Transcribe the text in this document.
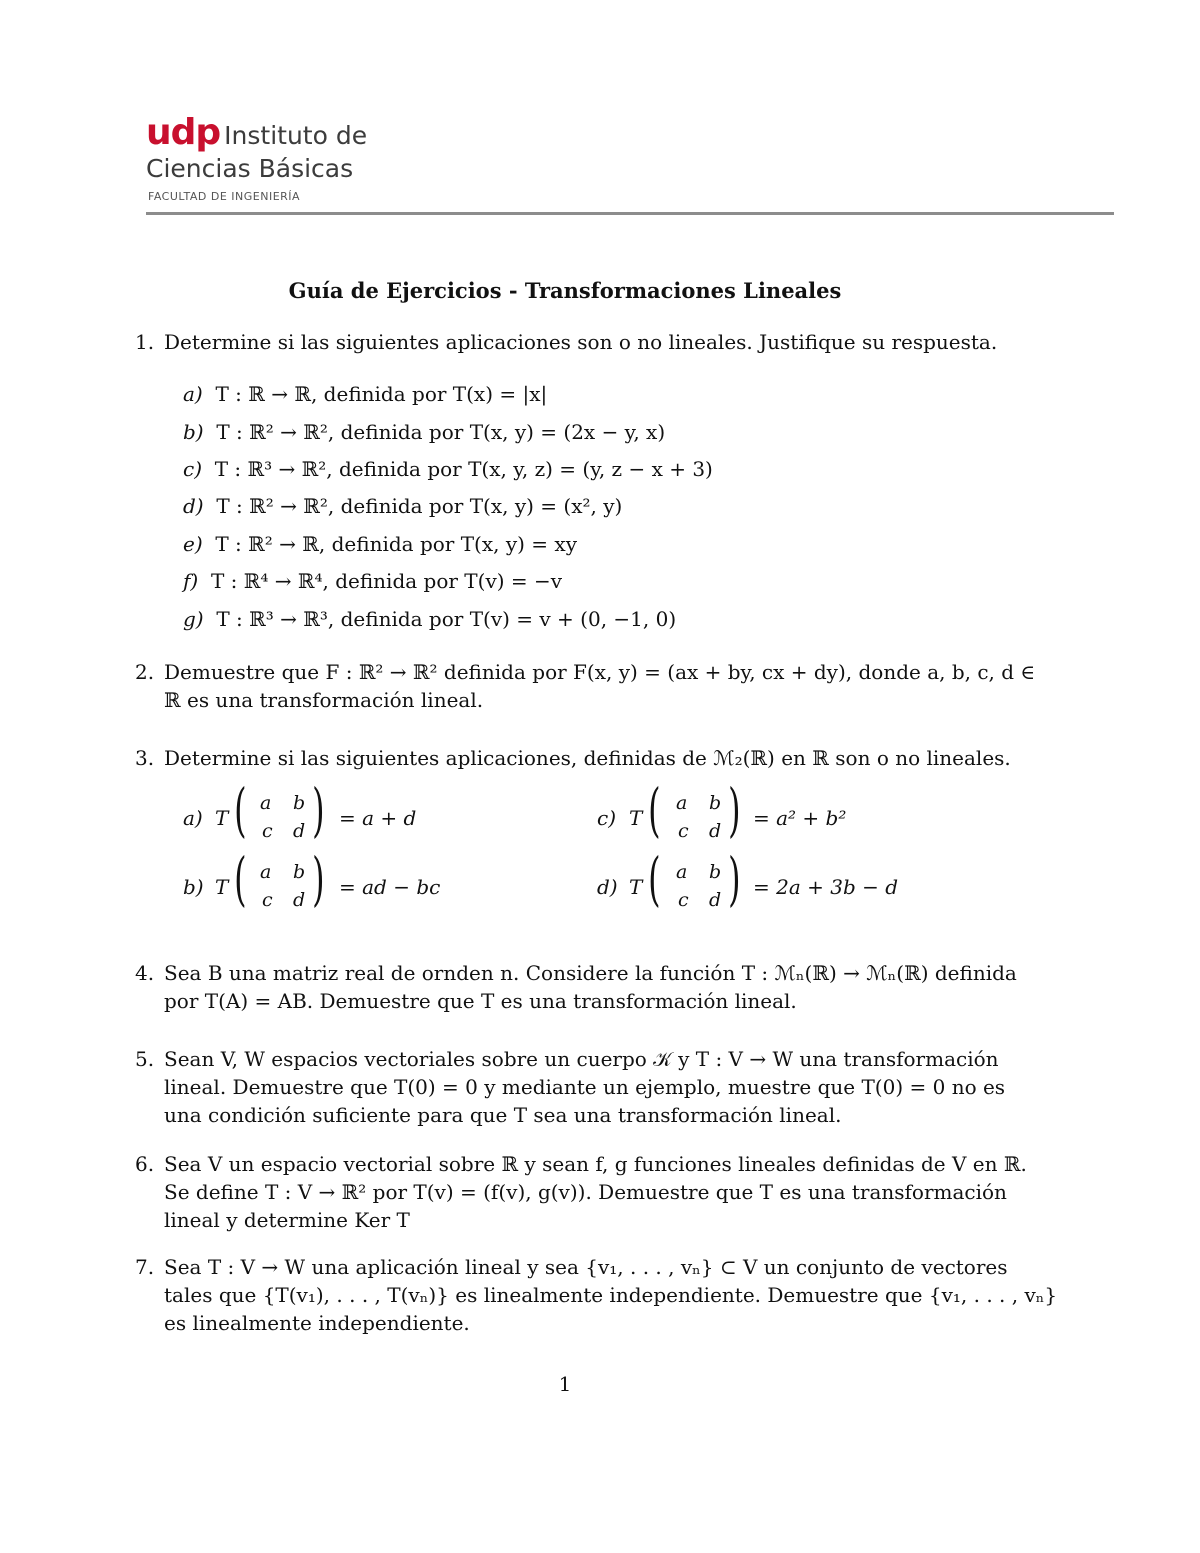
udp Instituto de
Ciencias Básicas
FACULTAD DE INGENIERÍA
Guía de Ejercicios - Transformaciones Lineales
1. Determine si las siguientes aplicaciones son o no lineales. Justifique su respuesta.
a) T : ℝ → ℝ, definida por T(x) = |x|
b) T : ℝ² → ℝ², definida por T(x, y) = (2x − y, x)
c) T : ℝ³ → ℝ², definida por T(x, y, z) = (y, z − x + 3)
d) T : ℝ² → ℝ², definida por T(x, y) = (x², y)
e) T : ℝ² → ℝ, definida por T(x, y) = xy
f) T : ℝ⁴ → ℝ⁴, definida por T(v) = −v
g) T : ℝ³ → ℝ³, definida por T(v) = v + (0, −1, 0)
2. Demuestre que F : ℝ² → ℝ² definida por F(x, y) = (ax + by, cx + dy), donde a, b, c, d ∈
ℝ es una transformación lineal.
3. Determine si las siguientes aplicaciones, definidas de ℳ₂(ℝ) en ℝ son o no lineales.
a) T ( a b
c d ) = a + d
b) T ( a b
c d ) = ad − bc
c) T ( a b
c d ) = a² + b²
d) T ( a b
c d ) = 2a + 3b − d
4. Sea B una matriz real de ornden n. Considere la función T : ℳₙ(ℝ) → ℳₙ(ℝ) definida
por T(A) = AB. Demuestre que T es una transformación lineal.
5. Sean V, W espacios vectoriales sobre un cuerpo 𝒦 y T : V → W una transformación
lineal. Demuestre que T(0) = 0 y mediante un ejemplo, muestre que T(0) = 0 no es
una condición suficiente para que T sea una transformación lineal.
6. Sea V un espacio vectorial sobre ℝ y sean f, g funciones lineales definidas de V en ℝ.
Se define T : V → ℝ² por T(v) = (f(v), g(v)). Demuestre que T es una transformación
lineal y determine Ker T
7. Sea T : V → W una aplicación lineal y sea {v₁, . . . , vₙ} ⊂ V un conjunto de vectores
tales que {T(v₁), . . . , T(vₙ)} es linealmente independiente. Demuestre que {v₁, . . . , vₙ}
es linealmente independiente.
1
